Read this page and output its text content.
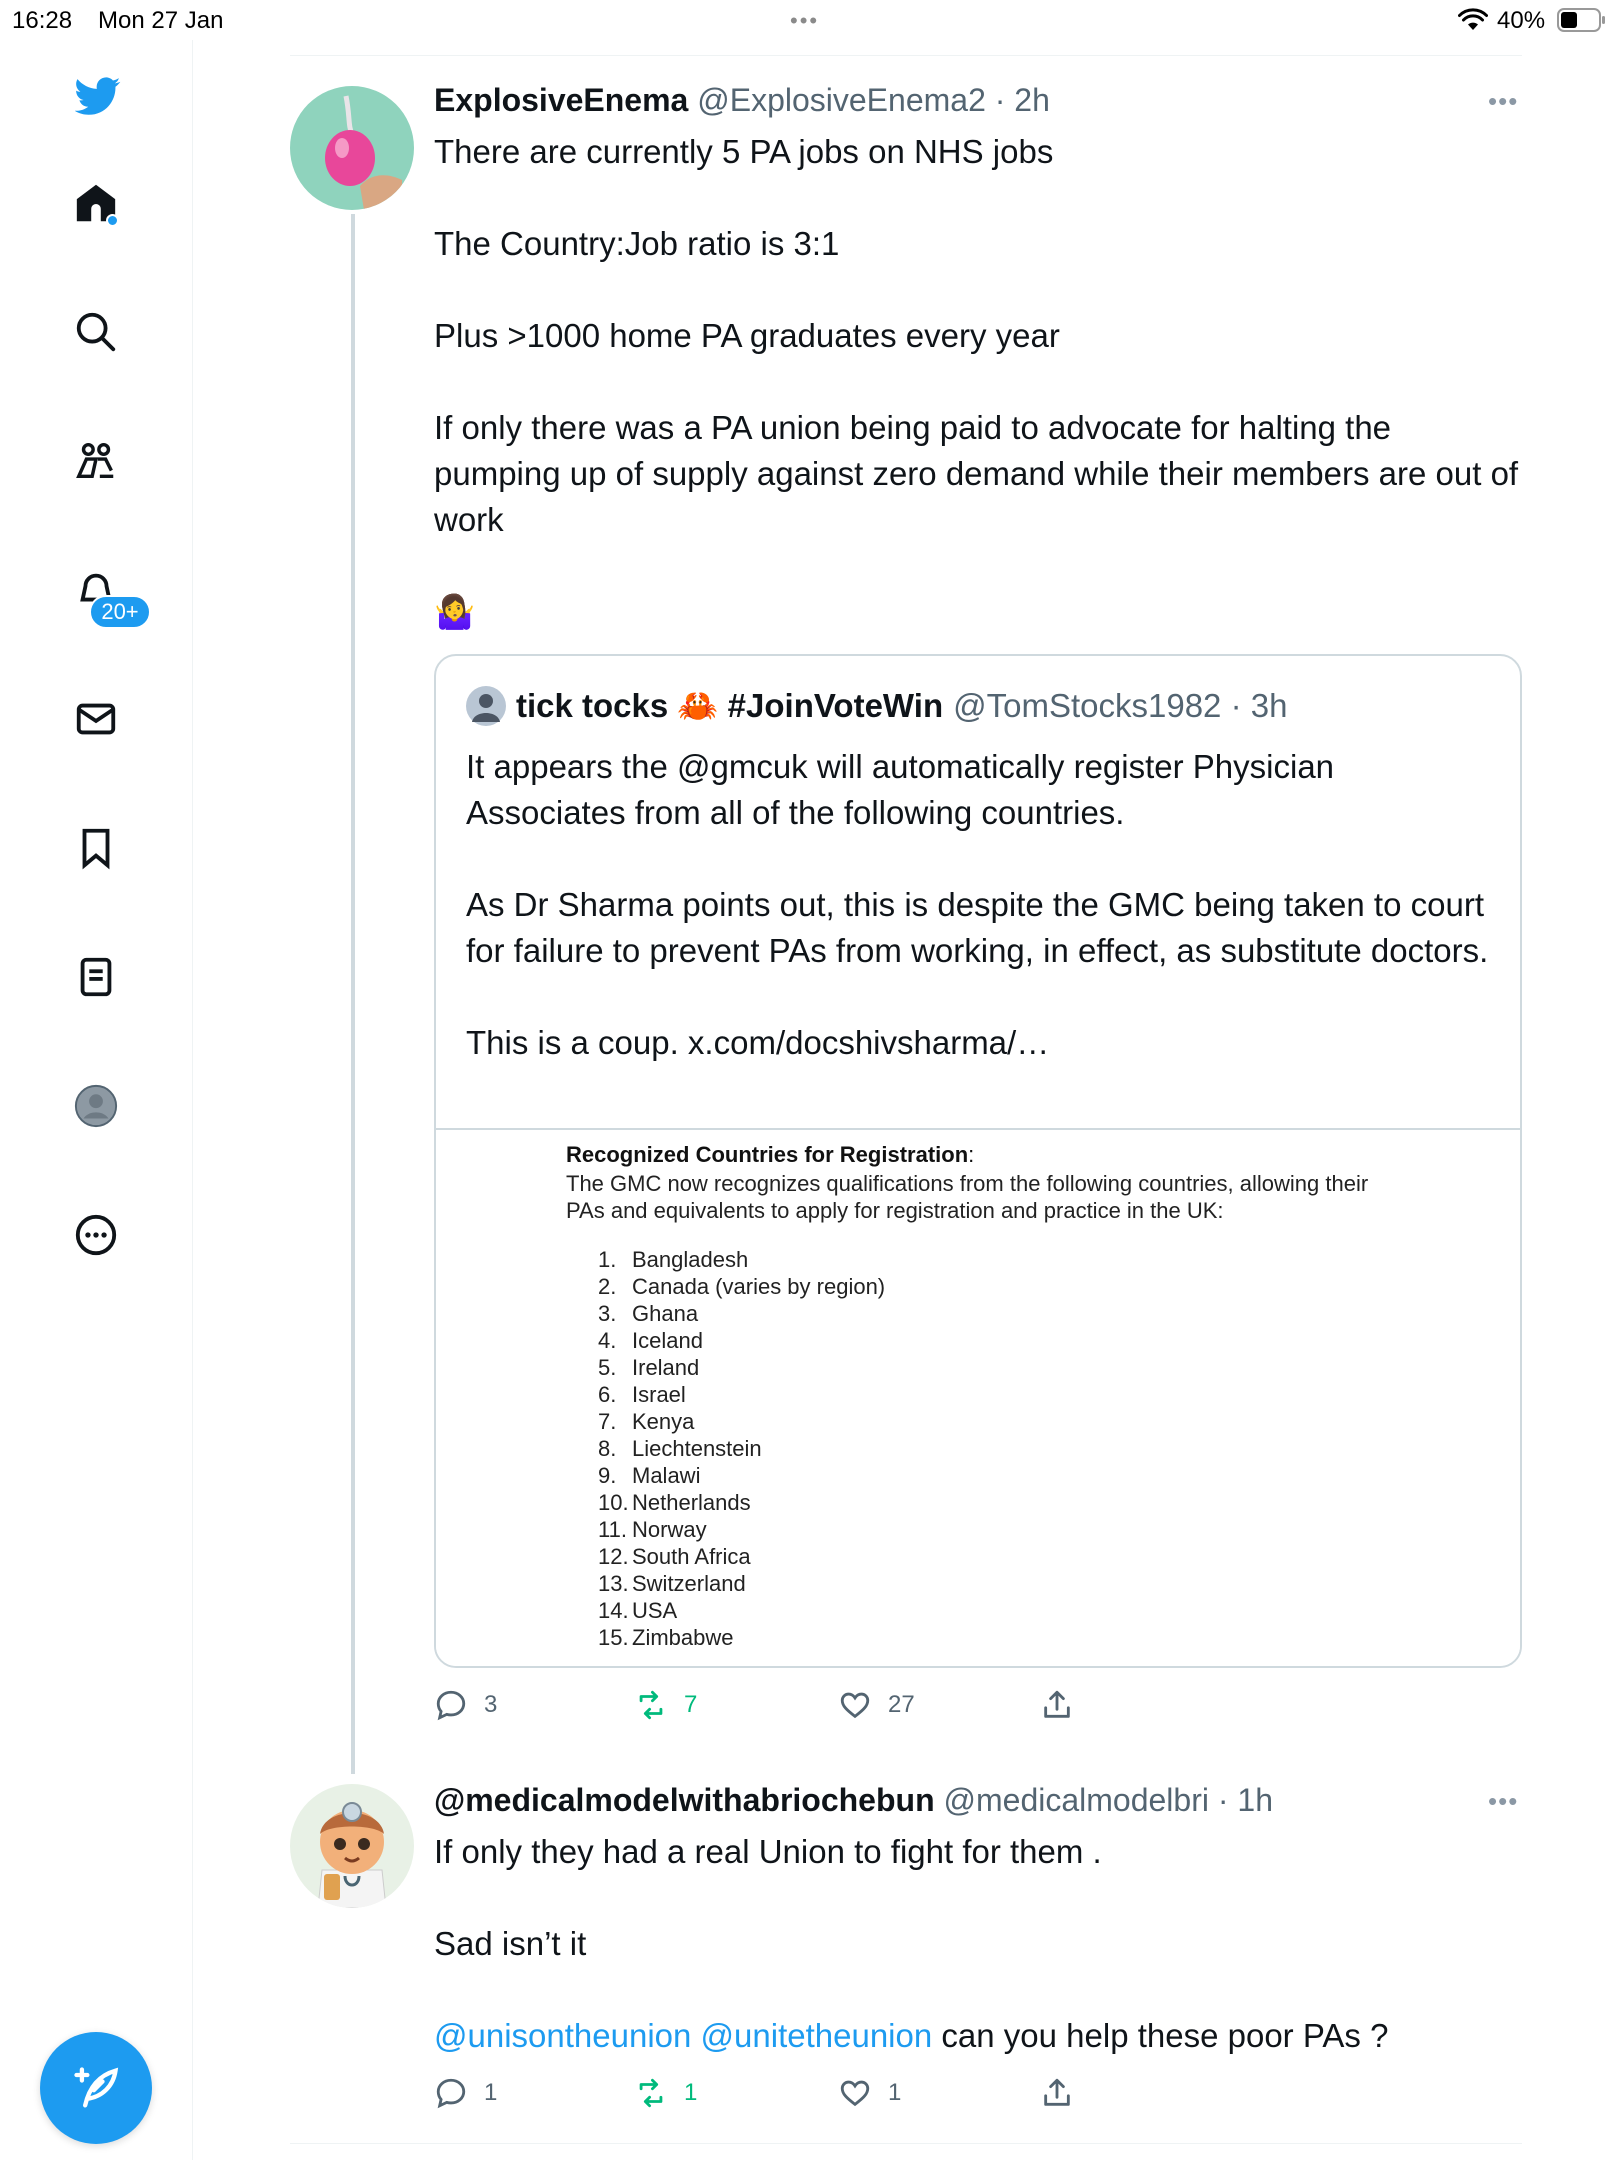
16:28 Mon 27 Jan	•••	40%
20+
ExplosiveEnema @ExplosiveEnema2 · 2h	•••
There are currently 5 PA jobs on NHS jobs

The Country:Job ratio is 3:1

Plus >1000 home PA graduates every year

If only there was a PA union being paid to advocate for halting the pumping up of supply against zero demand while their members are out of work

🤷‍♀️
tick tocks 🦀 #JoinVoteWin @TomStocks1982 · 3h
It appears the @gmcuk will automatically register Physician Associates from all of the following countries.

As Dr Sharma points out, this is despite the GMC being taken to court for failure to prevent PAs from working, in effect, as substitute doctors.

This is a coup. x.com/docshivsharma/…
Recognized Countries for Registration:
The GMC now recognizes qualifications from the following countries, allowing their PAs and equivalents to apply for registration and practice in the UK:
1. Bangladesh
2. Canada (varies by region)
3. Ghana
4. Iceland
5. Ireland
6. Israel
7. Kenya
8. Liechtenstein
9. Malawi
10. Netherlands
11. Norway
12. South Africa
13. Switzerland
14. USA
15. Zimbabwe
3	7	27
@medicalmodelwithabriochebun @medicalmodelbri · 1h	•••
If only they had a real Union to fight for them .

Sad isn’t it

@unisontheunion @unitetheunion can you help these poor PAs ?
1	1	1
